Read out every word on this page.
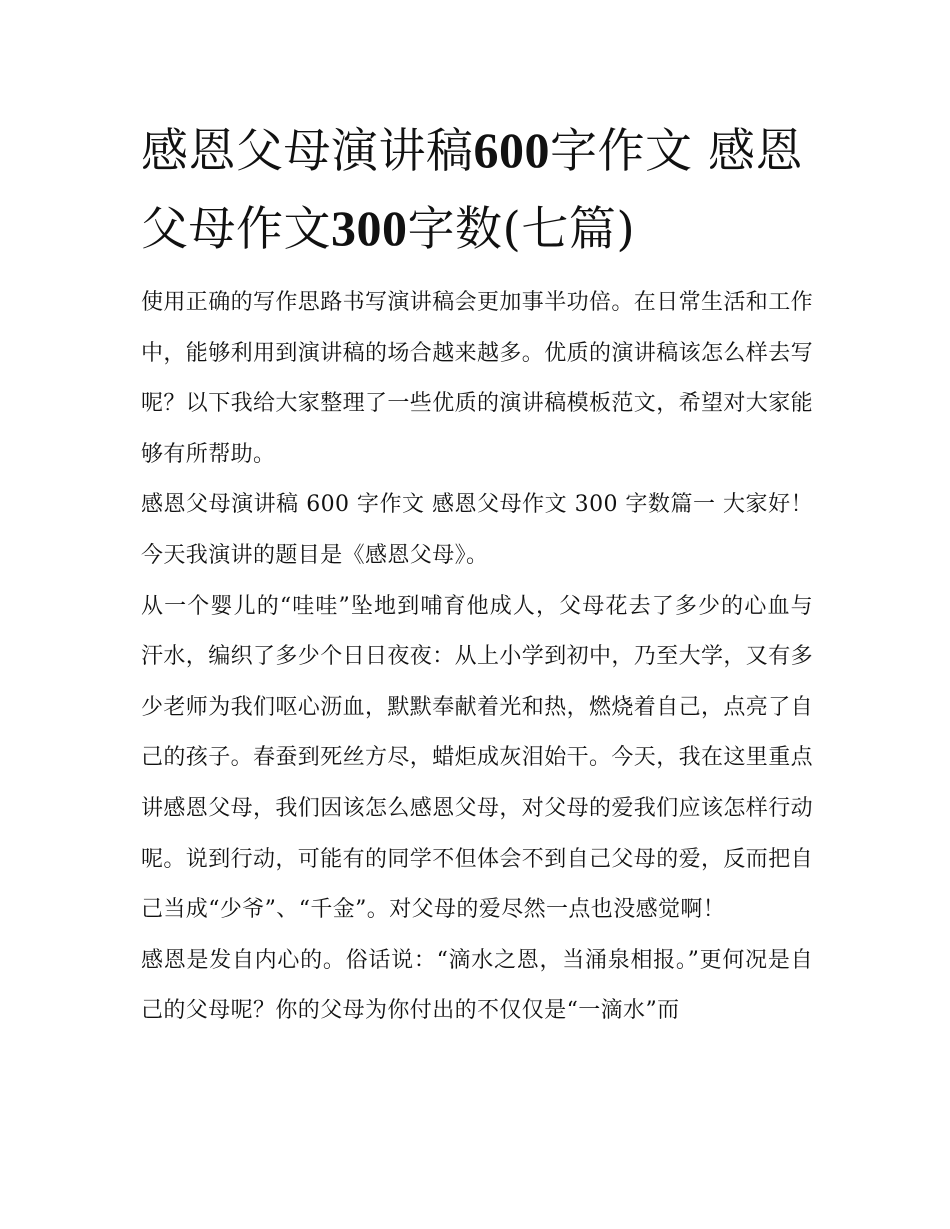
感恩父母演讲稿600字作文 感恩父母作文300字数(七篇)

使用正确的写作思路书写演讲稿会更加事半功倍。在日常生活和工作中，能够利用到演讲稿的场合越来越多。优质的演讲稿该怎么样去写呢？以下我给大家整理了一些优质的演讲稿模板范文，希望对大家能够有所帮助。

感恩父母演讲稿 600 字作文 感恩父母作文 300 字数篇一 大家好！ 今天我演讲的题目是《感恩父母》。

从一个婴儿的“哇哇”坠地到哺育他成人，父母花去了多少的心血与汗水，编织了多少个日日夜夜：从上小学到初中，乃至大学，又有多少老师为我们呕心沥血，默默奉献着光和热，燃烧着自己，点亮了自己的孩子。春蚕到死丝方尽，蜡炬成灰泪始干。今天，我在这里重点讲感恩父母，我们因该怎么感恩父母，对父母的爱我们应该怎样行动呢。说到行动，可能有的同学不但体会不到自己父母的爱，反而把自己当成“少爷”、“千金”。对父母的爱尽然一点也没感觉啊！

感恩是发自内心的。俗话说：“滴水之恩，当涌泉相报。”更何况是自己的父母呢？你的父母为你付出的不仅仅是“一滴水”而
